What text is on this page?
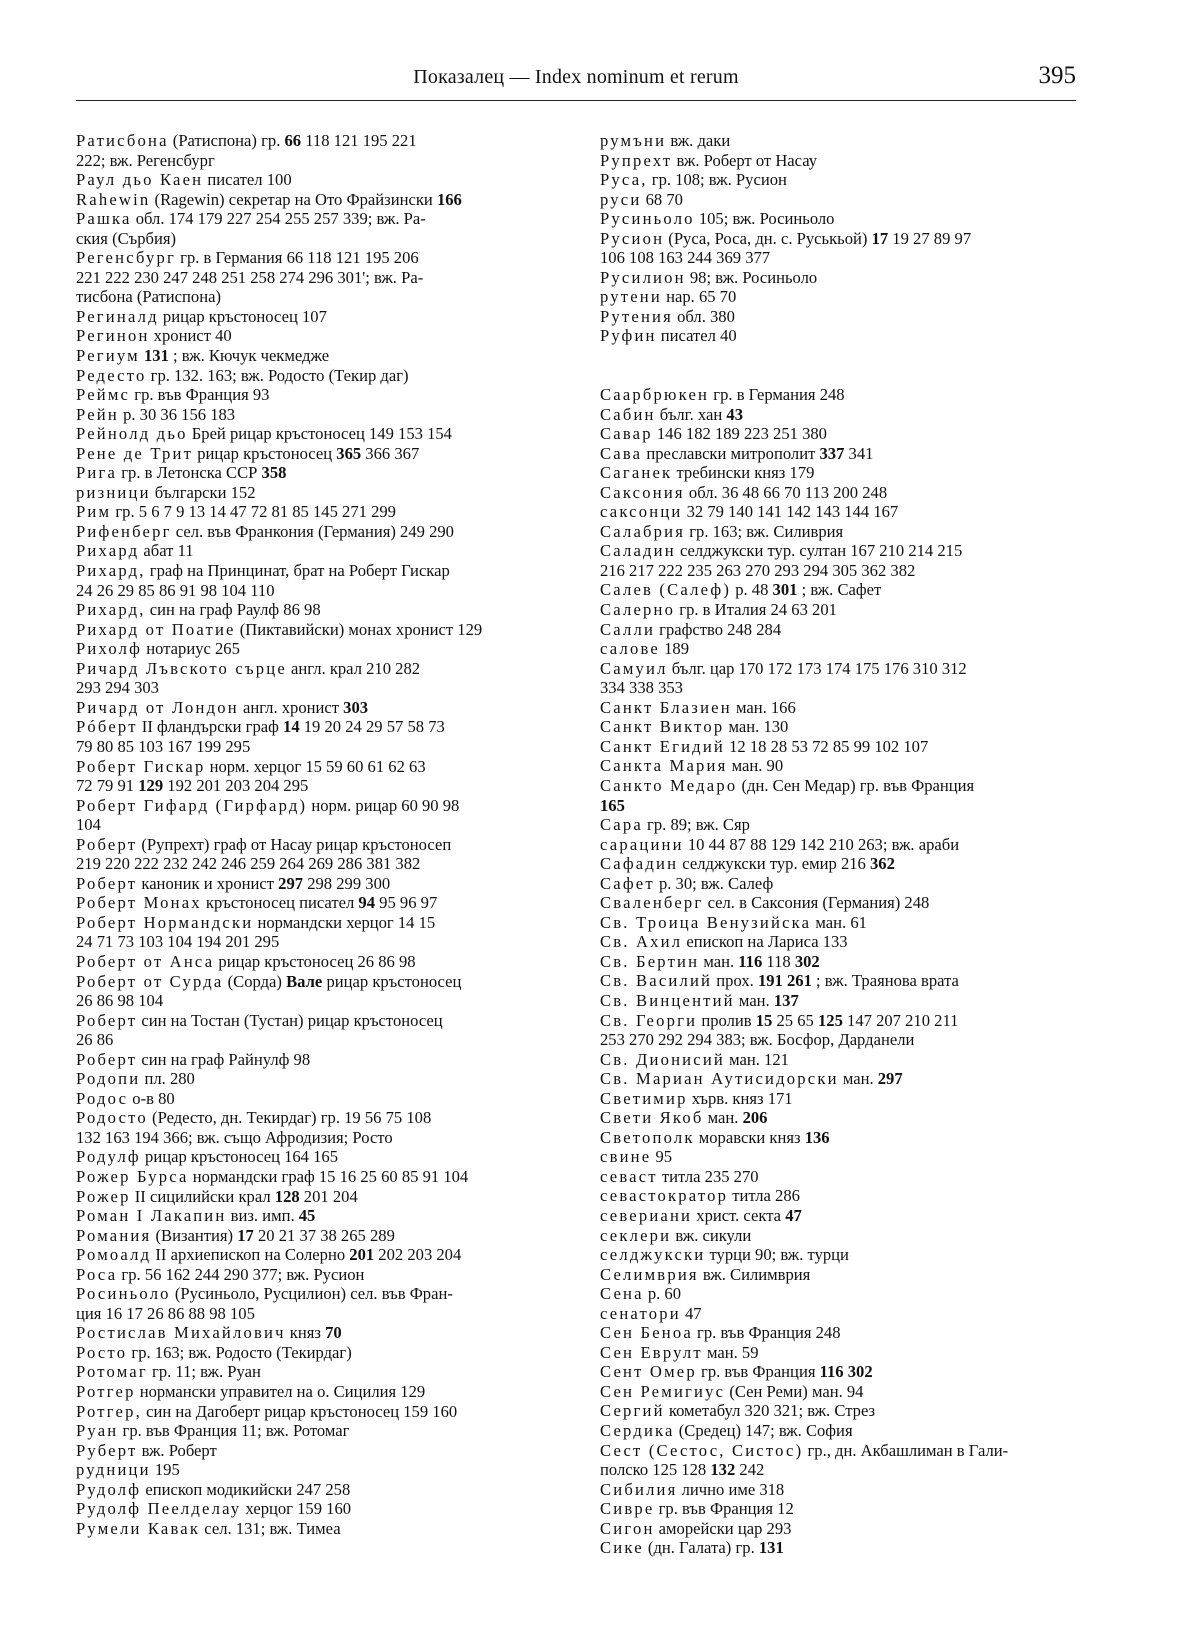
Показалец — Index nominum et rerum	395
Ратисбона (Ратиспона) гр. 66 118 121 195 221
222; вж. Регенсбург
Раул дьо Каен писател 100
Rahewin (Ragewin) секретар на Ото Фрайзински 166
Рашка обл. 174 179 227 254 255 257 339; вж. Ра-
ския (Сърбия)
Регенсбург гр. в Германия 66 118 121 195 206
221 222 230 247 248 251 258 274 296 301'; вж. Ра-
тисбона (Ратиспона)
Региналд рицар кръстоносец 107
Регинон хронист 40
Региум 131 ; вж. Кючук чекмедже
Редесто гр. 132. 163; вж. Родосто (Текир даг)
Реймс гр. във Франция 93
Рейн р. 30 36 156 183
Рейнолд дьо Брей рицар кръстоносец 149 153 154
Рене де Трит рицар кръстоносец 365 366 367
Рига гр. в Летонска ССР 358
ризници български 152
Рим гр. 5 6 7 9 13 14 47 72 81 85 145 271 299
Рифенберг сел. във Франкония (Германия) 249 290
Рихард абат 11
Рихард, граф на Принцинат, брат на Роберт Гискар
24 26 29 85 86 91 98 104 110
Рихард, син на граф Раулф 86 98
Рихард от Поатие (Пиктавийски) монах хронист 129
Рихолф нотариус 265
Ричард Лъвското сърце англ. крал 210 282
293 294 303
Ричард от Лондон англ. хронист 303
Рóберт II фландърски граф 14 19 20 24 29 57 58 73
79 80 85 103 167 199 295
Роберт Гискар норм. херцог 15 59 60 61 62 63
72 79 91 129 192 201 203 204 295
Роберт Гифард (Гирфард) норм. рицар 60 90 98
104
Роберт (Рупрехт) граф от Насау рицар кръстоносеп
219 220 222 232 242 246 259 264 269 286 381 382
Роберт каноник и хронист 297 298 299 300
Роберт Монах кръстоносец писател 94 95 96 97
Роберт Нормандски нормандски херцог 14 15
24 71 73 103 104 194 201 295
Роберт от Анса рицар кръстоносец 26 86 98
Роберт от Сурда (Сорда) Вале рицар кръстоносец
26 86 98 104
Роберт син на Тостан (Тустан) рицар кръстоносец
26 86
Роберт син на граф Райнулф 98
Родопи пл. 280
Родос о-в 80
Родосто (Редесто, дн. Текирдаг) гр. 19 56 75 108
132 163 194 366; вж. също Афродизия; Росто
Родулф рицар кръстоносец 164 165
Рожер Бурса нормандски граф 15 16 25 60 85 91 104
Рожер II сицилийски крал 128 201 204
Роман I Лакапин виз. имп. 45
Романия (Византия) 17 20 21 37 38 265 289
Ромоалд II архиепископ на Солерно 201 202 203 204
Роса гр. 56 162 244 290 377; вж. Русион
Росиньоло (Русиньоло, Русцилион) сел. във Фран-
ция 16 17 26 86 88 98 105
Ростислав Михайлович княз 70
Росто гр. 163; вж. Родосто (Текирдаг)
Ротомаг гр. 11; вж. Руан
Ротгер нормански управител на о. Сицилия 129
Ротгер, син на Дагоберт рицар кръстоносец 159 160
Руан гр. във Франция 11; вж. Ротомаг
Руберт вж. Роберт
рудници 195
Рудолф епископ модикийски 247 258
Рудолф Пеелделау херцог 159 160
Румели Кавак сел. 131; вж. Тимеа
румъни вж. даки
Рупрехт вж. Роберт от Насау
Руса, гр. 108; вж. Русион
руси 68 70
Русиньоло 105; вж. Росиньоло
Русион (Руса, Роса, дн. с. Руськьой) 17 19 27 89 97
106 108 163 244 369 377
Русилион 98; вж. Росиньоло
рутени нар. 65 70
Рутения обл. 380
Руфин писател 40
Саарбрюкен гр. в Германия 248
Сабин бълг. хан 43
Савар 146 182 189 223 251 380
Сава преславски митрополит 337 341
Саганек требински княз 179
Саксония обл. 36 48 66 70 113 200 248
саксонци 32 79 140 141 142 143 144 167
Салабрия гр. 163; вж. Силиврия
Саладин селджукски тур. султан 167 210 214 215
216 217 222 235 263 270 293 294 305 362 382
Салев (Салеф) р. 48 301 ; вж. Сафет
Салерно гр. в Италия 24 63 201
Салли графство 248 284
салове 189
Самуил бълг. цар 170 172 173 174 175 176 310 312
334 338 353
Санкт Блазиен ман. 166
Санкт Виктор ман. 130
Санкт Егидий 12 18 28 53 72 85 99 102 107
Санкта Мария ман. 90
Санкто Медаро (дн. Сен Медар) гр. във Франция
165
Сара гр. 89; вж. Сяр
сарацини 10 44 87 88 129 142 210 263; вж. араби
Сафадин селджукски тур. емир 216 362
Сафет р. 30; вж. Салеф
Сваленберг сел. в Саксония (Германия) 248
Св. Троица Венузийска ман. 61
Св. Ахил епископ на Лариса 133
Св. Бертин ман. 116 118 302
Св. Василий прох. 191 261 ; вж. Траянова врата
Св. Винцентий ман. 137
Св. Георги пролив 15 25 65 125 147 207 210 211
253 270 292 294 383; вж. Босфор, Дарданели
Св. Дионисий ман. 121
Св. Мариан Аутисидорски ман. 297
Светимир хърв. княз 171
Свети Якоб ман. 206
Светополк моравски княз 136
свине 95
севаст титла 235 270
севастократор титла 286
севериани христ. секта 47
секлери вж. сикули
селджукски турци 90; вж. турци
Селимврия вж. Силимврия
Сена р. 60
сенатори 47
Сен Беноа гр. във Франция 248
Сен Еврулт ман. 59
Сент Омер гр. във Франция 116 302
Сен Ремигиус (Сен Реми) ман. 94
Сергий кометабул 320 321; вж. Стрез
Сердика (Средец) 147; вж. София
Сест (Сестос, Систос) гр., дн. Акбашлиман в Гали-
полско 125 128 132 242
Сибилия лично име 318
Сивре гр. във Франция 12
Сигон аморейски цар 293
Сике (дн. Галата) гр. 131
